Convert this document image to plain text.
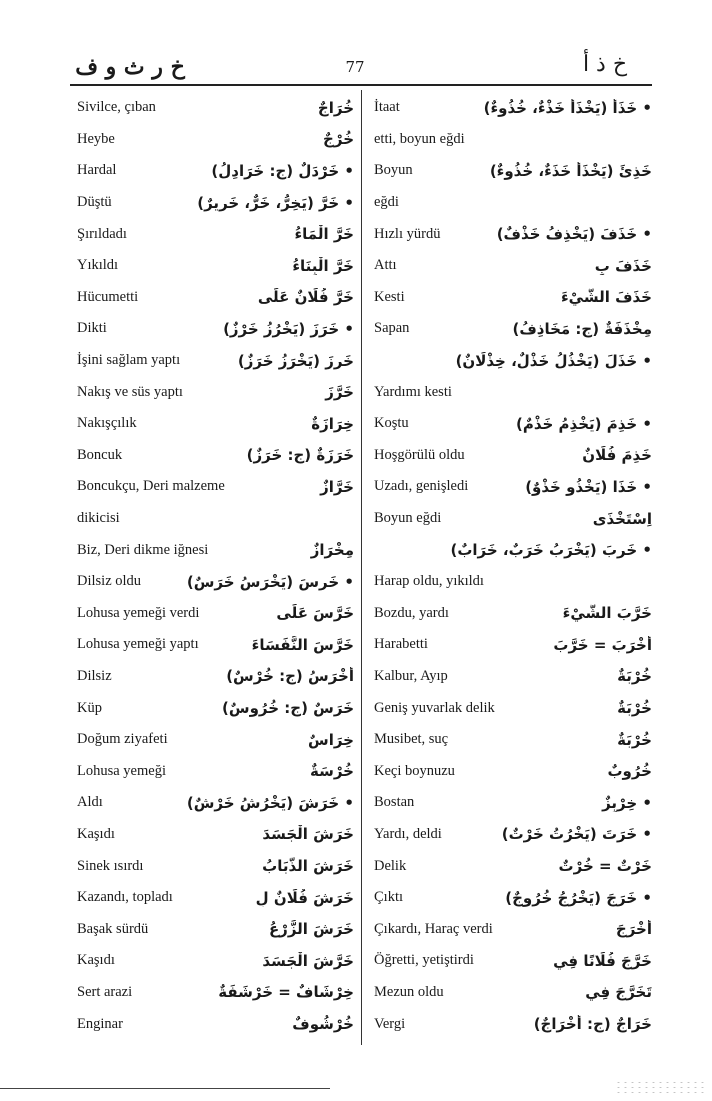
خ ر ث و ف	77	خ ذ أ
Sivilce, çıban	خُرَاجٌ
Heybe	خُرْجٌ
Hardal	• خَرْدَلٌ (ج: خَرَادِلُ)
Düştü	• خَرَّ (يَخِرُّ، خَرٌّ، خَرِيرٌ)
Şırıldadı	خَرَّ الْمَاءُ
Yıkıldı	خَرَّ الْبِنَاءُ
Hücumetti	خَرَّ فُلَانٌ عَلَى
Dikti	• خَرَزَ (يَخْرُزُ خَرْزٌ)
İşini sağlam yaptı	خَرِزَ (يَخْرَزُ خَرَزٌ)
Nakış ve süs yaptı	خَرَّزَ
Nakışçılık	خِرَازَةٌ
Boncuk	خَرَزَةٌ (ج: خَرَزٌ)
Boncukçu, Deri malzeme	خَرَّازٌ
dikicisi
Biz, Deri dikme iğnesi	مِخْرَازٌ
Dilsiz oldu	• خَرِسَ (يَخْرَسُ خَرَسٌ)
Lohusa yemeği verdi	خَرَّسَ عَلَى
Lohusa yemeği yaptı	خَرَّسَ النُّفَسَاءَ
Dilsiz	أَخْرَسُ (ج: خُرْسٌ)
Küp	خَرَسٌ (ج: خُرُوسٌ)
Doğum ziyafeti	خِرَاسٌ
Lohusa yemeği	خُرْسَةٌ
Aldı	• خَرَشَ (يَخْرُشُ خَرْشٌ)
Kaşıdı	خَرَشَ الْجَسَدَ
Sinek ısırdı	خَرَشَ الذُّبَابُ
Kazandı, topladı	خَرَشَ فُلَانٌ لِ
Başak sürdü	خَرَشَ الزَّرْعُ
Kaşıdı	خَرَّشَ الْجَسَدَ
Sert arazi	خِرْشَافٌ = خَرْشَفَةٌ
Enginar	خُرْشُوفٌ
İtaat	• خَذَأَ (يَخْذَأُ خَذْءٌ، خُذُوءٌ)
etti, boyun eğdi
Boyun	خَذِئَ (يَخْذَأُ خَذَءٌ، خُذُوءٌ)
eğdi
Hızlı yürdü	• خَذَفَ (يَخْذِفُ خَذْفٌ)
Attı	خَذَفَ بِ
Kesti	خَذَفَ الشَّيْءَ
Sapan	مِخْذَفَةٌ (ج: مَخَاذِفُ)
• خَذَلَ (يَخْذُلُ خَذْلٌ، خِذْلَانٌ)
Yardımı kesti
Koştu	• خَذِمَ (يَخْذِمُ خَذْمٌ)
Hoşgörülü oldu	خَذِمَ فُلَانٌ
Uzadı, genişledi	• خَذَا (يَخْذُو خَذْوٌ)
Boyun eğdi	اِسْتَخْذَى
• خَرِبَ (يَخْرَبُ خَرَبٌ، خَرَابٌ)
Harap oldu, yıkıldı
Bozdu, yardı	خَرَّبَ الشَّيْءَ
Harabetti	أَخْرَبَ = خَرَّبَ
Kalbur, Ayıp	خُرْبَةٌ
Geniş yuvarlak delik	خُرْبَةٌ
Musibet, suç	خُرْبَةٌ
Keçi boynuzu	خُرُوبٌ
Bostan	• خِرْبِزٌ
Yardı, deldi	• خَرَتَ (يَخْرُتُ خَرْتٌ)
Delik	خَرْتٌ = خُرْتٌ
Çıktı	• خَرَجَ (يَخْرُجُ خُرُوجٌ)
Çıkardı, Haraç verdi	أَخْرَجَ
Öğretti, yetiştirdi	خَرَّجَ فُلَانًا فِي
Mezun oldu	تَخَرَّجَ فِي
Vergi	خَرَاجٌ (ج: أَخْرَاجٌ)
